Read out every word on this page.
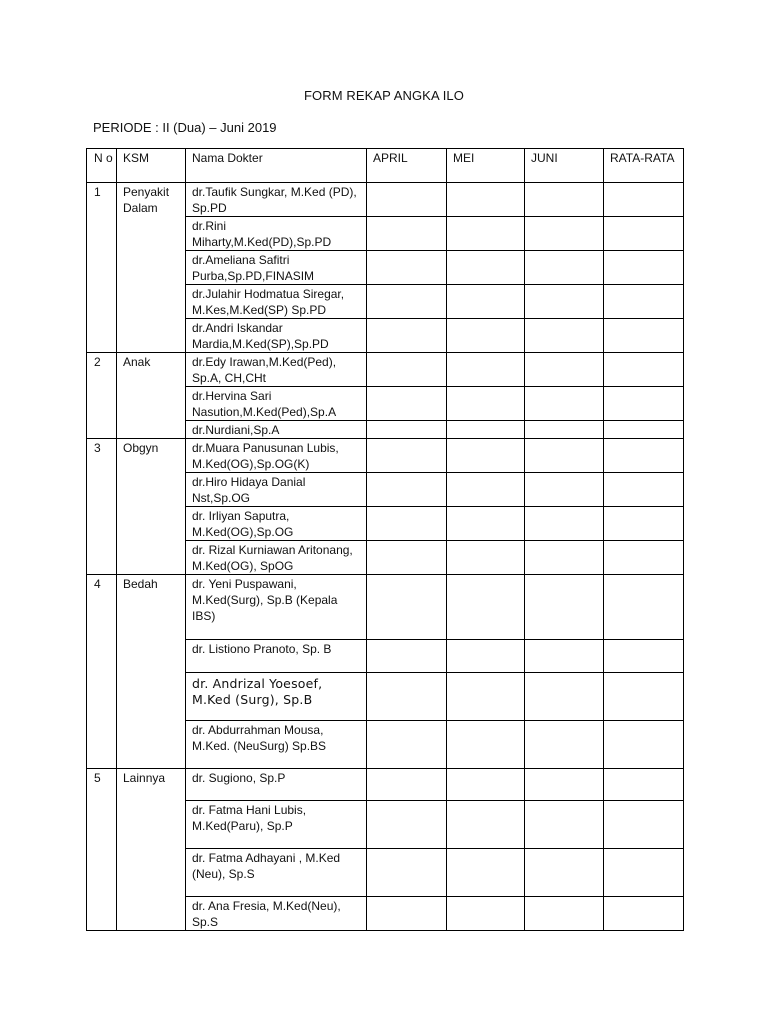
FORM REKAP ANGKA ILO
PERIODE : II (Dua) – Juni 2019
N o	KSM	Nama Dokter	APRIL	MEI	JUNI	RATA-RATA
1	Penyakit Dalam	dr.Taufik Sungkar, M.Ked (PD), Sp.PD				
		dr.Rini Miharty,M.Ked(PD),Sp.PD				
		dr.Ameliana Safitri Purba,Sp.PD,FINASIM				
		dr.Julahir Hodmatua Siregar, M.Kes,M.Ked(SP) Sp.PD				
		dr.Andri Iskandar Mardia,M.Ked(SP),Sp.PD				
2	Anak	dr.Edy Irawan,M.Ked(Ped), Sp.A, CH,CHt				
		dr.Hervina Sari Nasution,M.Ked(Ped),Sp.A				
		dr.Nurdiani,Sp.A				
3	Obgyn	dr.Muara Panusunan Lubis, M.Ked(OG),Sp.OG(K)				
		dr.Hiro Hidaya Danial Nst,Sp.OG				
		dr. Irliyan Saputra, M.Ked(OG),Sp.OG				
		dr. Rizal Kurniawan Aritonang, M.Ked(OG), SpOG				
4	Bedah	dr. Yeni Puspawani, M.Ked(Surg), Sp.B (Kepala IBS)				
		dr. Listiono Pranoto, Sp. B				
		dr. Andrizal Yoesoef, M.Ked (Surg), Sp.B				
		dr. Abdurrahman Mousa, M.Ked. (NeuSurg) Sp.BS				
5	Lainnya	dr. Sugiono, Sp.P				
		dr. Fatma Hani Lubis, M.Ked(Paru), Sp.P				
		dr. Fatma Adhayani , M.Ked (Neu), Sp.S				
		dr. Ana Fresia, M.Ked(Neu), Sp.S				
